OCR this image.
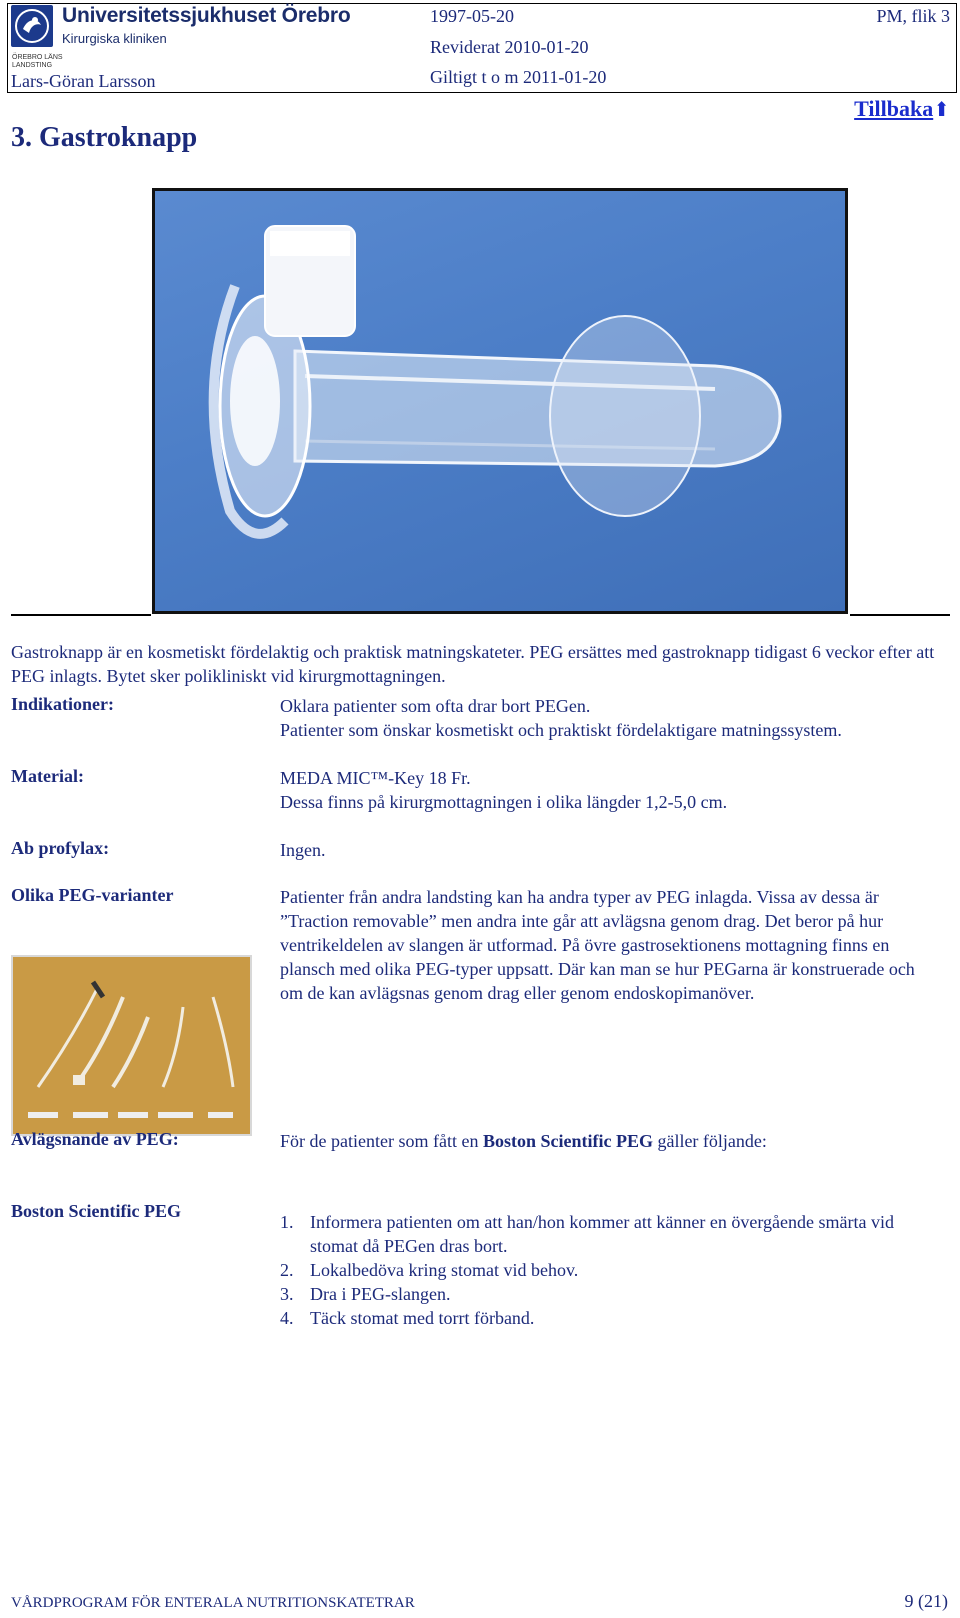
Universitetssjukhuset Örebro
Kirurgiska kliniken
ÖREBRO LÄNS
LANDSTING
Lars-Göran Larsson
1997-05-20
Reviderat 2010-01-20
Giltigt t o m 2011-01-20
PM, flik 3
3. Gastroknapp
Tillbaka⬆
Gastroknapp är en kosmetiskt fördelaktig och praktisk matningskateter. PEG ersättes med gastroknapp tidigast 6 veckor efter att PEG inlagts. Bytet sker polikliniskt vid kirurgmottagningen.
Indikationer:	Oklara patienter som ofta drar bort PEGen.
Patienter som önskar kosmetiskt och praktiskt fördelaktigare matningssystem.
Material:	MEDA MIC™-Key 18 Fr.
Dessa finns på kirurgmottagningen i olika längder 1,2-5,0 cm.
Ab profylax:	Ingen.
Olika PEG-varianter	Patienter från andra landsting kan ha andra typer av PEG inlagda. Vissa av dessa är ”Traction removable” men andra inte går att avlägsna genom drag. Det beror på hur ventrikeldelen av slangen är utformad. På övre gastrosektionens mottagning finns en plansch med olika PEG-typer uppsatt. Där kan man se hur PEGarna är konstruerade och om de kan avlägsnas genom drag eller genom endoskopimanöver.
Avlägsnande av PEG:	För de patienter som fått en Boston Scientific PEG gäller följande:
Boston Scientific PEG
1. Informera patienten om att han/hon kommer att känner en övergående smärta vid stomat då PEGen dras bort.
2. Lokalbedöva kring stomat vid behov.
3. Dra i PEG-slangen.
4. Täck stomat med torrt förband.
VÅRDPROGRAM FÖR ENTERALA NUTRITIONSKATETRAR	9 (21)
